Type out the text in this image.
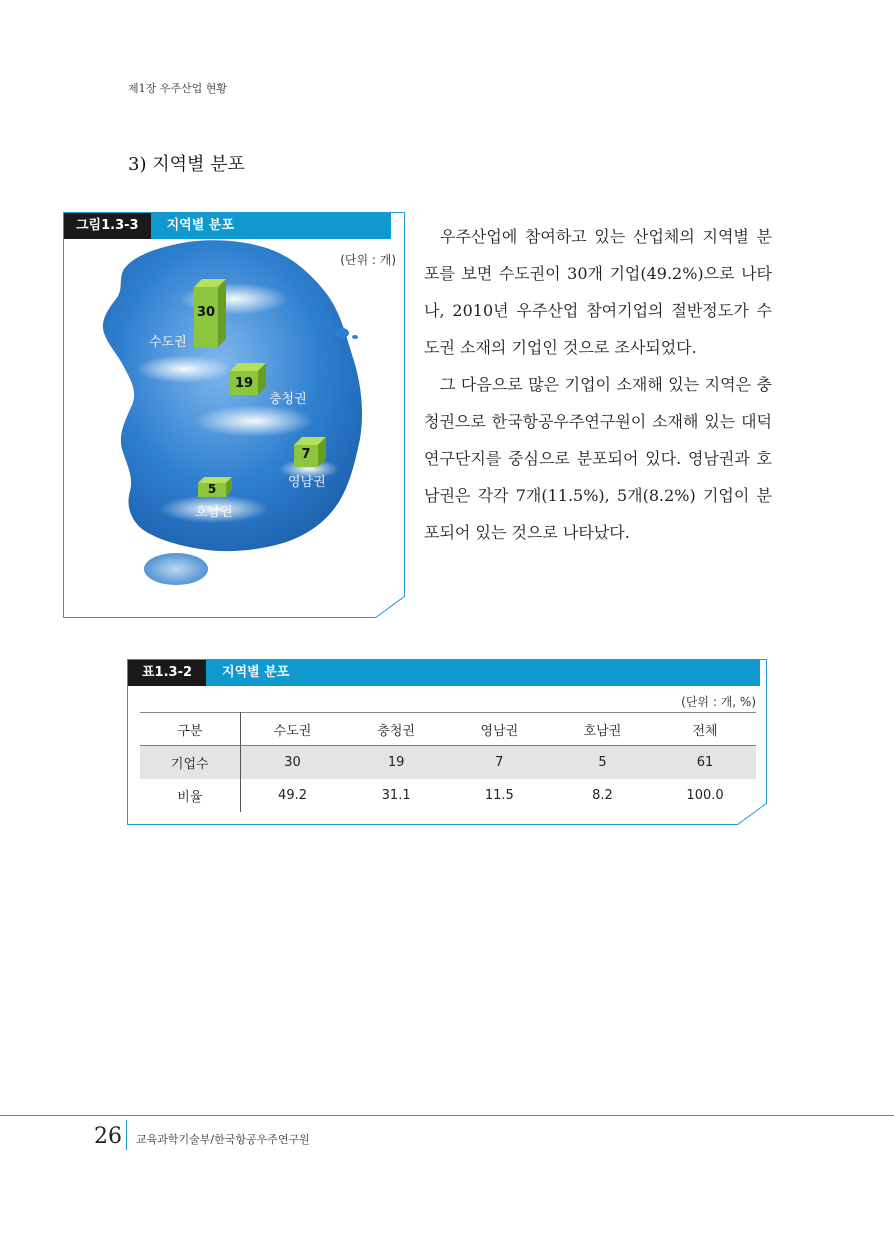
제1장 우주산업 현황
3) 지역별 분포
그림1.3-3	지역별 분포
(단위 : 개)
30
수도권
19
충청권
7
영남권
5
호남권

우주산업에 참여하고 있는 산업체의 지역별 분포를 보면 수도권이 30개 기업(49.2%)으로 나타나, 2010년 우주산업 참여기업의 절반정도가 수도권 소재의 기업인 것으로 조사되었다.

그 다음으로 많은 기업이 소재해 있는 지역은 충청권으로 한국항공우주연구원이 소재해 있는 대덕 연구단지를 중심으로 분포되어 있다. 영남권과 호남권은 각각 7개(11.5%), 5개(8.2%) 기업이 분포되어 있는 것으로 나타났다.

표1.3-2	지역별 분포
(단위 : 개, %)
구분	수도권	충청권	영남권	호남권	전체
기업수	30	19	7	5	61
비율	49.2	31.1	11.5	8.2	100.0
26 교육과학기술부/한국항공우주연구원
